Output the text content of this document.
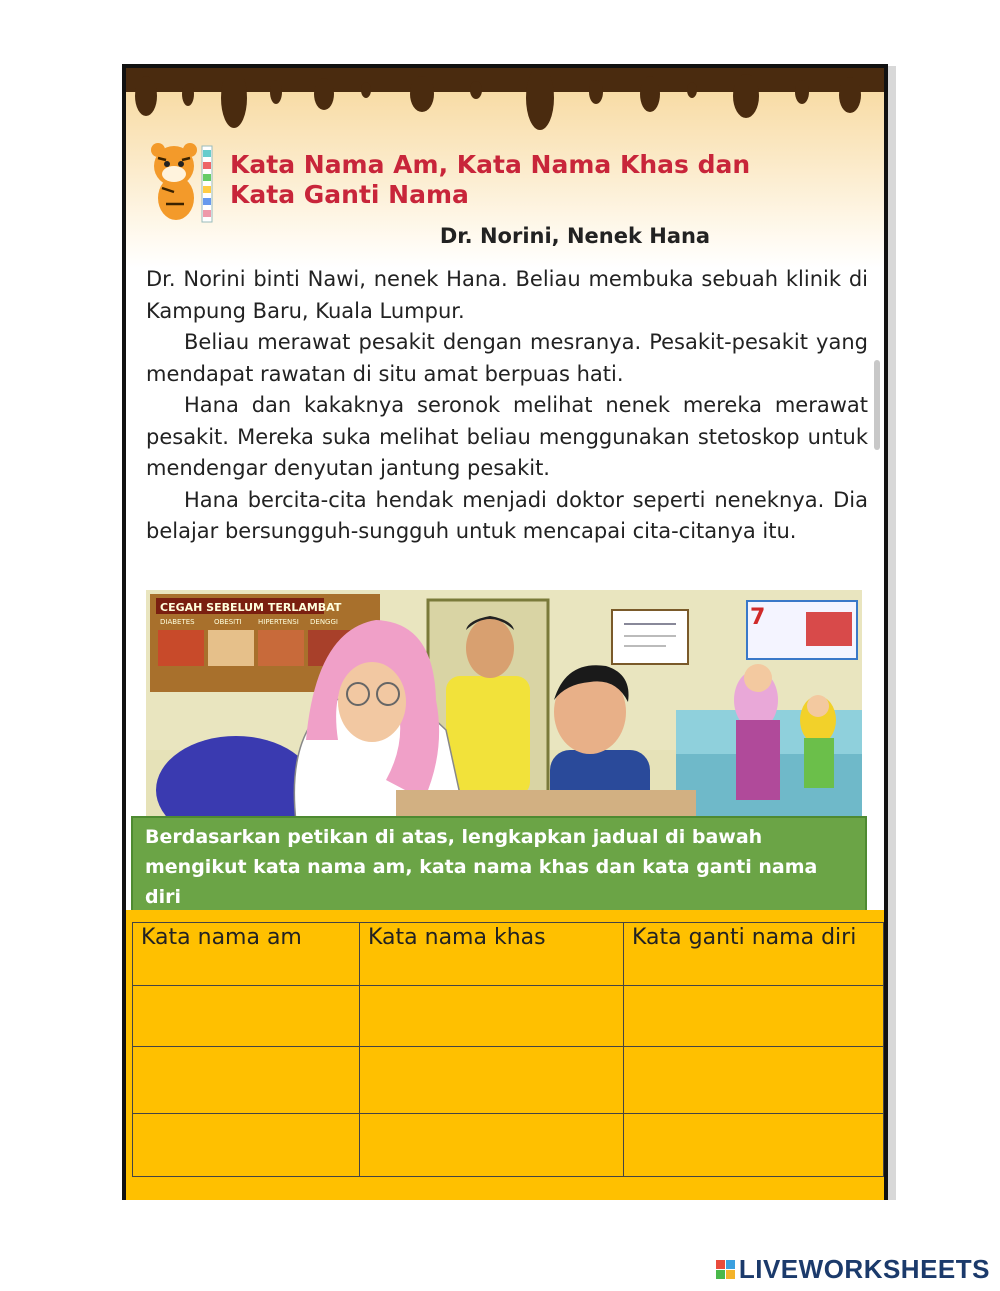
Kata Nama Am, Kata Nama Khas dan
Kata Ganti Nama
Dr. Norini, Nenek Hana

Dr. Norini binti Nawi, nenek Hana. Beliau membuka sebuah klinik di Kampung Baru, Kuala Lumpur.

Beliau merawat pesakit dengan mesranya. Pesakit-pesakit yang mendapat rawatan di situ amat berpuas hati.

Hana dan kakaknya seronok melihat nenek mereka merawat pesakit. Mereka suka melihat beliau menggunakan stetoskop untuk mendengar denyutan jantung pesakit.

Hana bercita-cita hendak menjadi doktor seperti neneknya. Dia belajar bersungguh-sungguh untuk mencapai cita-citanya itu.

CEGAH SEBELUM TERLAMBAT
DIABETES	OBESITI HIPERTENSI DENGGI	7
Berdasarkan petikan di atas, lengkapkan jadual di bawah mengikut kata nama am, kata nama khas dan kata ganti nama diri
Kata nama am	Kata nama khas	Kata ganti nama diri

LIVEWORKSHEETS
